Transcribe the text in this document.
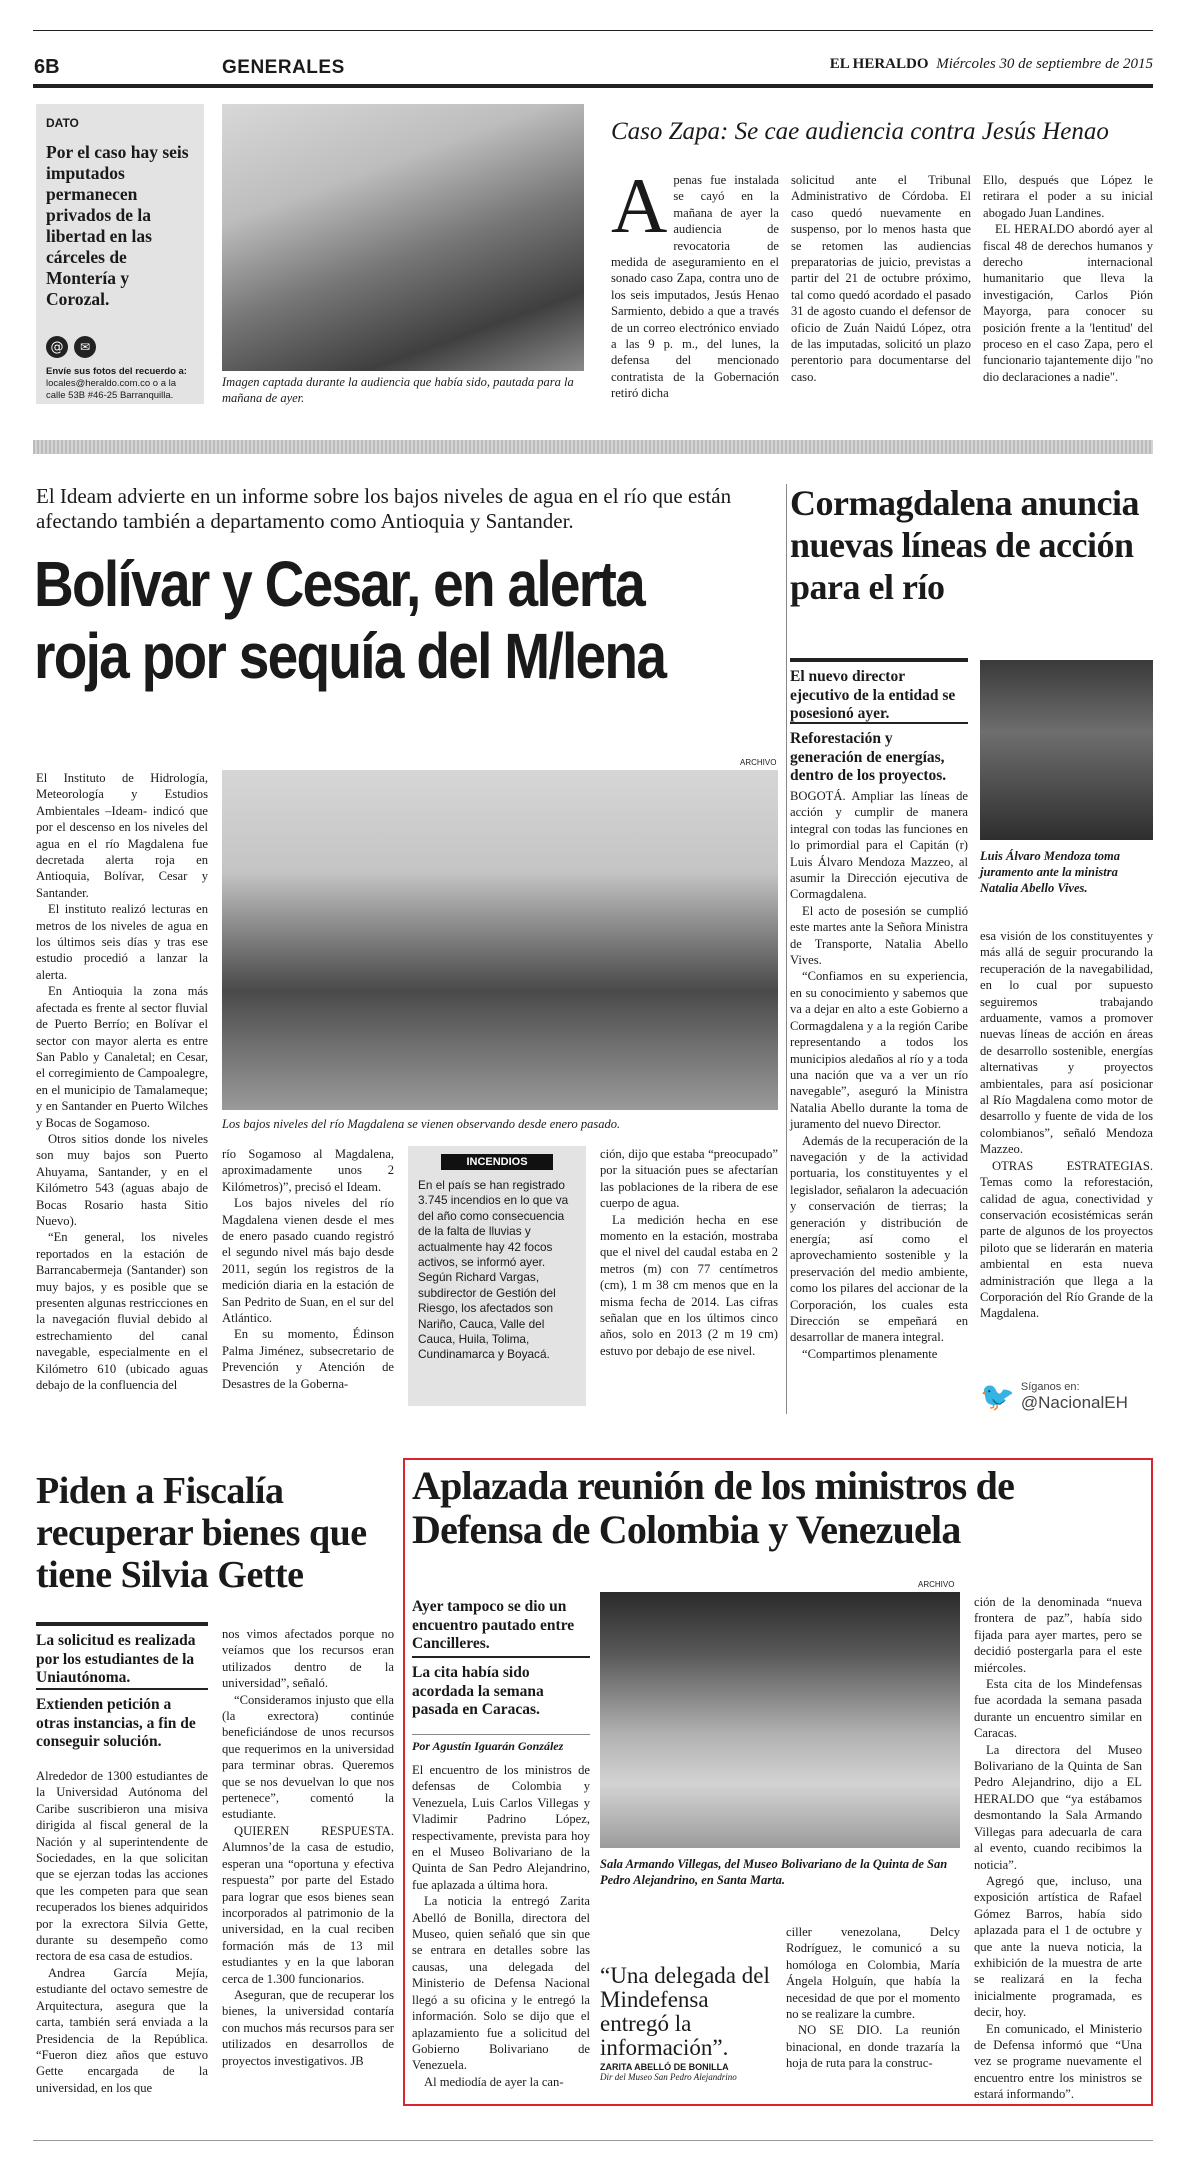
6B	GENERALES	EL HERALDO Miércoles 30 de septiembre de 2015
DATO
Por el caso hay seis imputados permanecen privados de la libertad en las cárceles de Montería y Corozal.
@	✉
Envíe sus fotos del recuerdo a: locales@heraldo.com.co o a la calle 53B #46-25 Barranquilla.
Imagen captada durante la audiencia que había sido, pautada para la mañana de ayer.
Caso Zapa: Se cae audiencia contra Jesús Henao
A penas fue instalada se cayó en la mañana de ayer la audiencia de revocatoria de medida de aseguramiento en el sonado caso Zapa, contra uno de los seis imputados, Jesús Henao Sarmiento, debido a que a través de un correo electrónico enviado a las 9 p. m., del lunes, la defensa del mencionado contratista de la Gobernación retiró dicha
solicitud ante el Tribunal Administrativo de Córdoba. El caso quedó nuevamente en suspenso, por lo menos hasta que se retomen las audiencias preparatorias de juicio, previstas a partir del 21 de octubre próximo, tal como quedó acordado el pasado 31 de agosto cuando el defensor de oficio de Zuán Naidú López, otra de las imputadas, solicitó un plazo perentorio para documentarse del caso.

Ello, después que López le retirara el poder a su inicial abogado Juan Landines.

EL HERALDO abordó ayer al fiscal 48 de derechos humanos y derecho internacional humanitario que lleva la investigación, Carlos Pión Mayorga, para conocer su posición frente a la 'lentitud' del proceso en el caso Zapa, pero el funcionario tajantemente dijo "no dio declaraciones a nadie".

El Ideam advierte en un informe sobre los bajos niveles de agua en el río que están afectando también a departamento como Antioquia y Santander.
Bolívar y Cesar, en alerta roja por sequía del M/lena
ARCHIVO
Los bajos niveles del río Magdalena se vienen observando desde enero pasado.

El Instituto de Hidrología, Meteorología y Estudios Ambientales –Ideam- indicó que por el descenso en los niveles del agua en el río Magdalena fue decretada alerta roja en Antioquia, Bolívar, Cesar y Santander.

El instituto realizó lecturas en metros de los niveles de agua en los últimos seis días y tras ese estudio procedió a lanzar la alerta.

En Antioquia la zona más afectada es frente al sector fluvial de Puerto Berrío; en Bolívar el sector con mayor alerta es entre San Pablo y Canaletal; en Cesar, el corregimiento de Campoalegre, en el municipio de Tamalameque; y en Santander en Puerto Wilches y Bocas de Sogamoso.

Otros sitios donde los niveles son muy bajos son Puerto Ahuyama, Santander, y en el Kilómetro 543 (aguas abajo de Bocas Rosario hasta Sitio Nuevo).

“En general, los niveles reportados en la estación de Barrancabermeja (Santander) son muy bajos, y es posible que se presenten algunas restricciones en la navegación fluvial debido al estrechamiento del canal navegable, especialmente en el Kilómetro 610 (ubicado aguas debajo de la confluencia del

río Sogamoso al Magdalena, aproximadamente unos 2 Kilómetros)”, precisó el Ideam.

Los bajos niveles del río Magdalena vienen desde el mes de enero pasado cuando registró el segundo nivel más bajo desde 2011, según los registros de la medición diaria en la estación de San Pedrito de Suan, en el sur del Atlántico.

En su momento, Édinson Palma Jiménez, subsecretario de Prevención y Atención de Desastres de la Goberna-

INCENDIOS
En el país se han registrado 3.745 incendios en lo que va del año como consecuencia de la falta de lluvias y actualmente hay 42 focos activos, se informó ayer. Según Richard Vargas, subdirector de Gestión del Riesgo, los afectados son Nariño, Cauca, Valle del Cauca, Huila, Tolima, Cundinamarca y Boyacá.

ción, dijo que estaba “preocupado” por la situación pues se afectarían las poblaciones de la ribera de ese cuerpo de agua.

La medición hecha en ese momento en la estación, mostraba que el nivel del caudal estaba en 2 metros (m) con 77 centímetros (cm), 1 m 38 cm menos que en la misma fecha de 2014. Las cifras señalan que en los últimos cinco años, solo en 2013 (2 m 19 cm) estuvo por debajo de ese nivel.

Cormagdalena anuncia nuevas líneas de acción para el río
El nuevo director ejecutivo de la entidad se posesionó ayer.
Reforestación y generación de energías, dentro de los proyectos.
Luis Álvaro Mendoza toma juramento ante la ministra Natalia Abello Vives.

BOGOTÁ. Ampliar las líneas de acción y cumplir de manera integral con todas las funciones en lo primordial para el Capitán (r) Luis Álvaro Mendoza Mazzeo, al asumir la Dirección ejecutiva de Cormagdalena.

El acto de posesión se cumplió este martes ante la Señora Ministra de Transporte, Natalia Abello Vives.

“Confiamos en su experiencia, en su conocimiento y sabemos que va a dejar en alto a este Gobierno a Cormagdalena y a la región Caribe representando a todos los municipios aledaños al río y a toda una nación que va a ver un río navegable”, aseguró la Ministra Natalia Abello durante la toma de juramento del nuevo Director.

Además de la recuperación de la navegación y de la actividad portuaria, los constituyentes y el legislador, señalaron la adecuación y conservación de tierras; la generación y distribución de energía; así como el aprovechamiento sostenible y la preservación del medio ambiente, como los pilares del accionar de la Corporación, los cuales esta Dirección se empeñará en desarrollar de manera integral.

“Compartimos plenamente

esa visión de los constituyentes y más allá de seguir procurando la recuperación de la navegabilidad, en lo cual por supuesto seguiremos trabajando arduamente, vamos a promover nuevas líneas de acción en áreas de desarrollo sostenible, energías alternativas y proyectos ambientales, para así posicionar al Río Magdalena como motor de desarrollo y fuente de vida de los colombianos”, señaló Mendoza Mazzeo.

OTRAS ESTRATEGIAS. Temas como la reforestación, calidad de agua, conectividad y conservación ecosistémicas serán parte de algunos de los proyectos piloto que se liderarán en materia ambiental en esta nueva administración que llega a la Corporación del Río Grande de la Magdalena.

🐦 Síganos en:
@NacionalEH
Piden a Fiscalía recuperar bienes que tiene Silvia Gette
La solicitud es realizada por los estudiantes de la Uniautónoma.
Extienden petición a otras instancias, a fin de conseguir solución.

Alrededor de 1300 estudiantes de la Universidad Autónoma del Caribe suscribieron una misiva dirigida al fiscal general de la Nación y al superintendente de Sociedades, en la que solicitan que se ejerzan todas las acciones que les competen para que sean recuperados los bienes adquiridos por la exrectora Silvia Gette, durante su desempeño como rectora de esa casa de estudios.

Andrea García Mejía, estudiante del octavo semestre de Arquitectura, asegura que la carta, también será enviada a la Presidencia de la República. “Fueron diez años que estuvo Gette encargada de la universidad, en los que

nos vimos afectados porque no veíamos que los recursos eran utilizados dentro de la universidad”, señaló.

“Consideramos injusto que ella (la exrectora) continúe beneficiándose de unos recursos que requerimos en la universidad para terminar obras. Queremos que se nos devuelvan lo que nos pertenece”, comentó la estudiante.

QUIEREN RESPUESTA. Alumnos’de la casa de estudio, esperan una “oportuna y efectiva respuesta” por parte del Estado para lograr que esos bienes sean incorporados al patrimonio de la universidad, en la cual reciben formación más de 13 mil estudiantes y en la que laboran cerca de 1.300 funcionarios.

Aseguran, que de recuperar los bienes, la universidad contaría con muchos más recursos para ser utilizados en desarrollos de proyectos investigativos. JB

Aplazada reunión de los ministros de Defensa de Colombia y Venezuela
Ayer tampoco se dio un encuentro pautado entre Cancilleres.
La cita había sido acordada la semana pasada en Caracas.
Por Agustín Iguarán González

El encuentro de los ministros de defensas de Colombia y Venezuela, Luis Carlos Villegas y Vladimir Padrino López, respectivamente, prevista para hoy en el Museo Bolivariano de la Quinta de San Pedro Alejandrino, fue aplazada a última hora.

La noticia la entregó Zarita Abelló de Bonilla, directora del Museo, quien señaló que sin que se entrara en detalles sobre las causas, una delegada del Ministerio de Defensa Nacional llegó a su oficina y le entregó la información. Solo se dijo que el aplazamiento fue a solicitud del Gobierno Bolivariano de Venezuela.

Al mediodía de ayer la can-

ARCHIVO
Sala Armando Villegas, del Museo Bolivariano de la Quinta de San Pedro Alejandrino, en Santa Marta.
“Una delegada del Mindefensa entregó la información”.
ZARITA ABELLÓ DE BONILLA
Dir del Museo San Pedro Alejandrino

ciller venezolana, Delcy Rodríguez, le comunicó a su homóloga en Colombia, María Ángela Holguín, que había la necesidad de que por el momento no se realizare la cumbre.

NO SE DIO. La reunión binacional, en donde trazaría la hoja de ruta para la construc-

ción de la denominada “nueva frontera de paz”, había sido fijada para ayer martes, pero se decidió postergarla para el este miércoles.

Esta cita de los Mindefensas fue acordada la semana pasada durante un encuentro similar en Caracas.

La directora del Museo Bolivariano de la Quinta de San Pedro Alejandrino, dijo a EL HERALDO que “ya estábamos desmontando la Sala Armando Villegas para adecuarla de cara al evento, cuando recibimos la noticia”.

Agregó que, incluso, una exposición artística de Rafael Gómez Barros, había sido aplazada para el 1 de octubre y que ante la nueva noticia, la exhibición de la muestra de arte se realizará en la fecha inicialmente programada, es decir, hoy.

En comunicado, el Ministerio de Defensa informó que “Una vez se programe nuevamente el encuentro entre los ministros se estará informando”.
